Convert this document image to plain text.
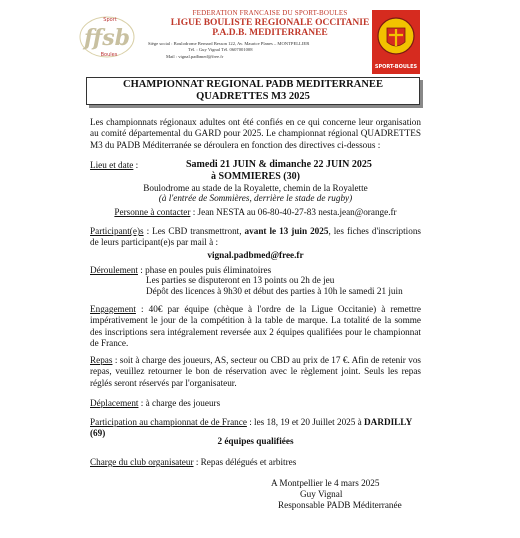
Sport
ffsb
Boules
FEDERATION FRANCAISE DU SPORT-BOULES
LIGUE BOULISTE REGIONALE OCCITANIE
P.A.D.B. MEDITERRANEE
Siège social : Boulodrome Bernard Besson 122, Av. Maurice Planes – MONTPELLIER
Tél. : Guy Vignal Tél. 0607001008
Mail : vignal.padbmed@free.fr
SPORT-BOULES
CHAMPIONNAT REGIONAL PADB MEDITERRANEE
QUADRETTES M3 2025
Les championnats régionaux adultes ont été confiés en ce qui concerne leur organisation au comité départemental du GARD pour 2025. Le championnat régional QUADRETTES M3 du PADB Méditerranée se déroulera en fonction des directives ci-dessous :
Lieu et date :	Samedi 21 JUIN & dimanche 22 JUIN 2025
à SOMMIERES (30)
Boulodrome au stade de la Royalette, chemin de la Royalette
(à l'entrée de Sommières, derrière le stade de rugby)
Personne à contacter : Jean NESTA au 06-80-40-27-83 nesta.jean@orange.fr
Participant(e)s : Les CBD transmettront, avant le 13 juin 2025, les fiches d'inscriptions de leurs participant(e)s par mail à :
vignal.padbmed@free.fr
Déroulement : phase en poules puis éliminatoires
Les parties se disputeront en 13 points ou 2h de jeu
Dépôt des licences à 9h30 et début des parties à 10h le samedi 21 juin
Engagement : 40€ par équipe (chèque à l'ordre de la Ligue Occitanie) à remettre impérativement le jour de la compétition à la table de marque. La totalité de la somme des inscriptions sera intégralement reversée aux 2 équipes qualifiées pour le championnat de France.
Repas : soit à charge des joueurs, AS, secteur ou CBD au prix de 17 €. Afin de retenir vos repas, veuillez retourner le bon de réservation avec le règlement joint. Seuls les repas réglés seront réservés par l'organisateur.
Déplacement : à charge des joueurs
Participation au championnat de de France : les 18, 19 et 20 Juillet 2025 à DARDILLY (69)
2 équipes qualifiées
Charge du club organisateur : Repas délégués et arbitres
A Montpellier le 4 mars 2025
Guy Vignal
Responsable PADB Méditerranée
